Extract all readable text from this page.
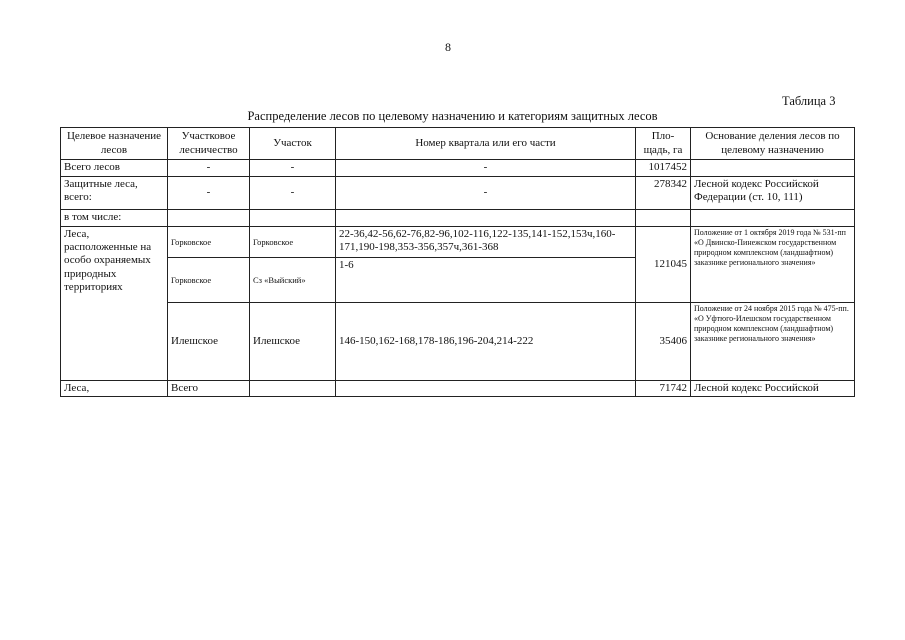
8
Таблица 3
Распределение лесов по целевому назначению и категориям защитных лесов
Целевое назначение лесов	Участковое лесничество	Участок	Номер квартала или его части	Пло-щадь, га	Основание деления лесов по целевому назначению
Всего лесов	-	-	-	1017452	
Защитные леса, всего:	-	-	-	278342	Лесной кодекс Российской Федерации (ст. 10, 111)
в том числе:					
Леса, расположенные на особо охраняемых природных территориях	Горковское	Горковское	22-36,42-56,62-76,82-96,102-116,122-135,141-152,153ч,160-171,190-198,353-356,357ч,361-368	121045	Положение от 1 октября 2019 года № 531-пп «О Двинско-Пинежском государственном природном комплексном (ландшафтном) заказнике регионального значения»
	Горковское	Сз «Выйский»	1-6		
	Илешское	Илешское	146-150,162-168,178-186,196-204,214-222	35406	Положение от 24 ноября 2015 года № 475-пп. «О Уфтюго-Илешском государственном природном комплексном (ландшафтном) заказнике регионального значения»
Леса,	Всего			71742	Лесной кодекс Российской
